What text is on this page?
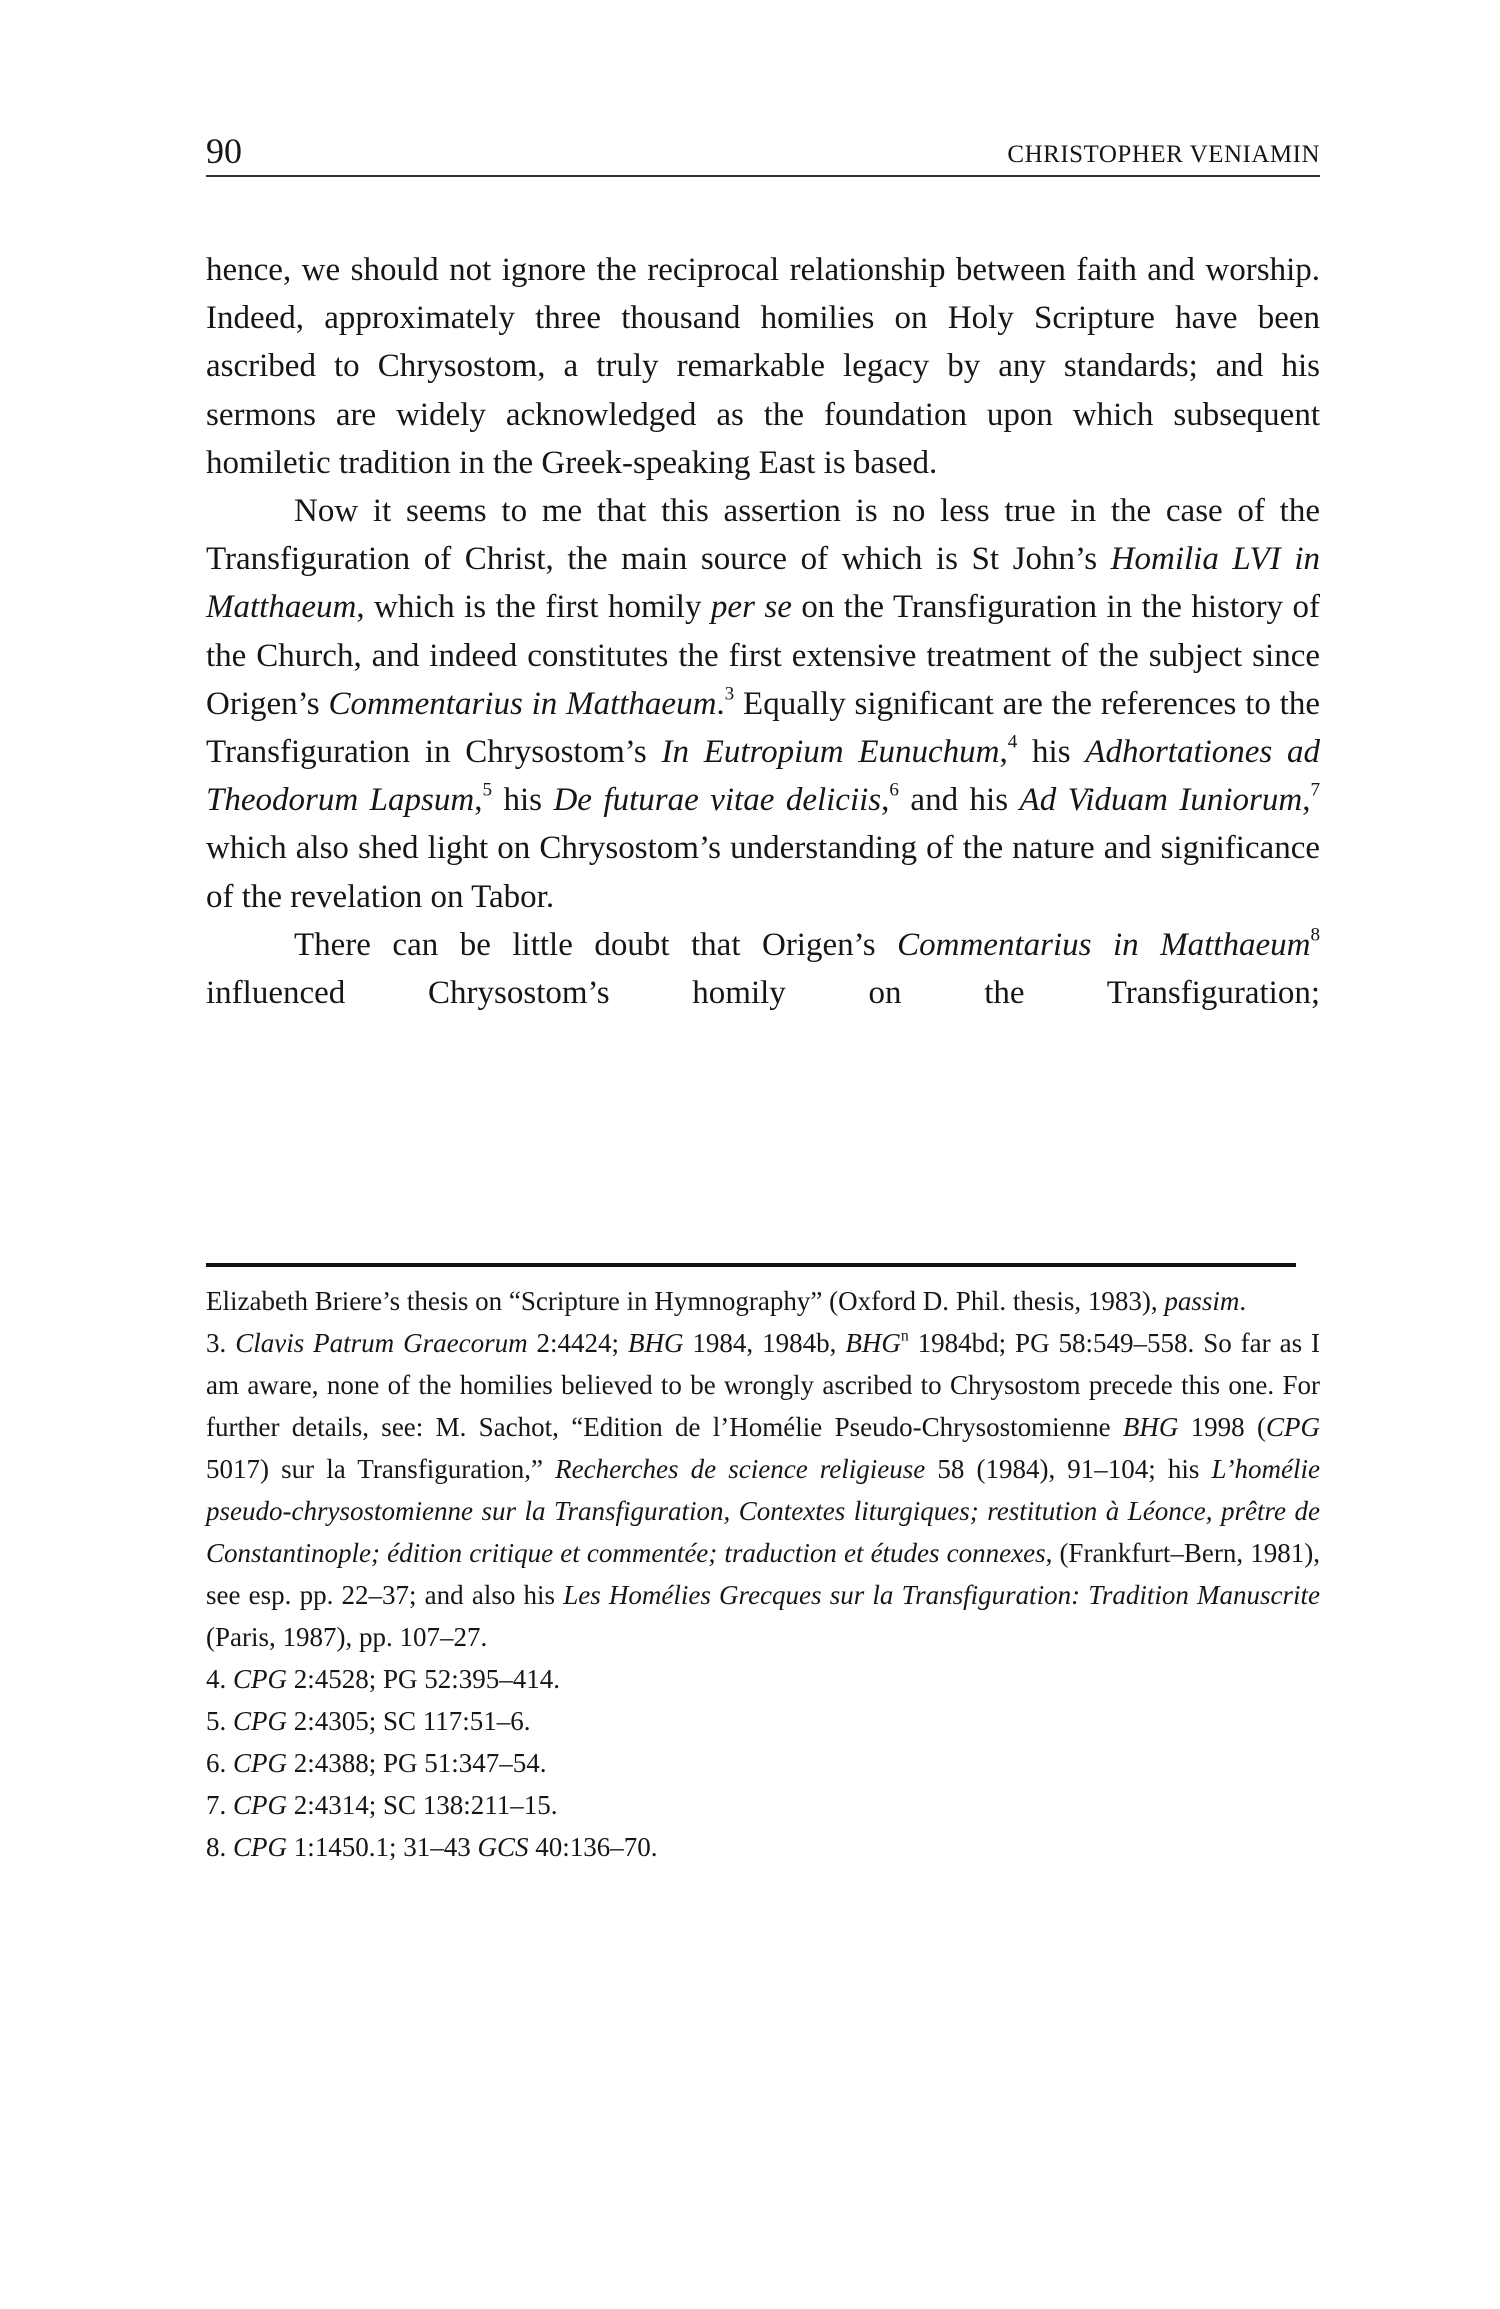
90	CHRISTOPHER VENIAMIN

hence, we should not ignore the reciprocal relationship between faith and worship. Indeed, approximately three thousand homilies on Holy Scripture have been ascribed to Chrysostom, a truly remarkable legacy by any standards; and his sermons are widely acknowledged as the foundation upon which subsequent homiletic tradition in the Greek-speaking East is based.

Now it seems to me that this assertion is no less true in the case of the Transfiguration of Christ, the main source of which is St John’s Homilia LVI in Matthaeum, which is the first homily per se on the Transfiguration in the history of the Church, and indeed constitutes the first extensive treatment of the subject since Origen’s Commentarius in Matthaeum.$^3$ Equally significant are the references to the Transfiguration in Chrysostom’s In Eutropium Eunuchum,$^4$ his Adhortationes ad Theodorum Lapsum,$^5$ his De futurae vitae deliciis,$^6$ and his Ad Viduam Iuniorum,$^7$ which also shed light on Chrysostom’s understanding of the nature and significance of the revelation on Tabor.

There can be little doubt that Origen’s Commentarius in Matthaeum$^8$ influenced Chrysostom’s homily on the Transfiguration;

Elizabeth Briere’s thesis on “Scripture in Hymnography” (Oxford D. Phil. thesis, 1983), passim.

3. Clavis Patrum Graecorum 2:4424; BHG 1984, 1984b, BHG$^n$ 1984bd; PG 58:549–558. So far as I am aware, none of the homilies believed to be wrongly ascribed to Chrysostom precede this one. For further details, see: M. Sachot, “Edition de l’Homélie Pseudo-Chrysostomienne BHG 1998 (CPG 5017) sur la Transfiguration,” Recherches de science religieuse 58 (1984), 91–104; his L’homélie pseudo-chrysostomienne sur la Transfiguration, Contextes liturgiques; restitution à Léonce, prêtre de Constantinople; édition critique et commentée; traduction et études connexes, (Frankfurt–Bern, 1981), see esp. pp. 22–37; and also his Les Homélies Grecques sur la Transfiguration: Tradition Manuscrite (Paris, 1987), pp. 107–27.

4. CPG 2:4528; PG 52:395–414.

5. CPG 2:4305; SC 117:51–6.

6. CPG 2:4388; PG 51:347–54.

7. CPG 2:4314; SC 138:211–15.

8. CPG 1:1450.1; 31–43 GCS 40:136–70.
